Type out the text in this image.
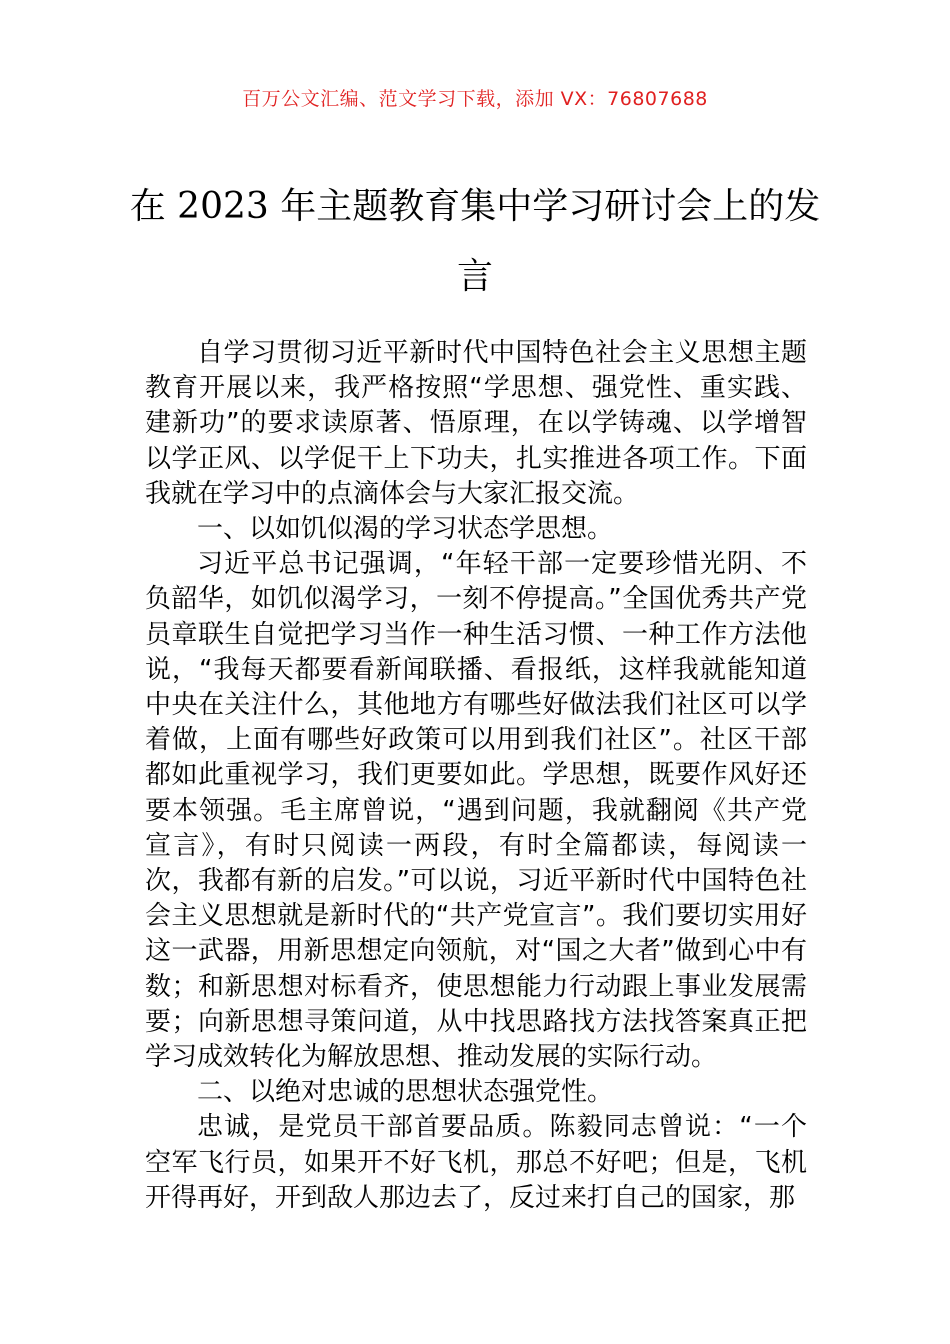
百万公文汇编、范文学习下载，添加 VX：76807688
在 2023 年主题教育集中学习研讨会上的发言

自学习贯彻习近平新时代中国特色社会主义思想主题教育开展以来，我严格按照“学思想、强党性、重实践、建新功”的要求读原著、悟原理，在以学铸魂、以学增智以学正风、以学促干上下功夫，扎实推进各项工作。下面我就在学习中的点滴体会与大家汇报交流。

一、以如饥似渴的学习状态学思想。

习近平总书记强调，“年轻干部一定要珍惜光阴、不负韶华，如饥似渴学习，一刻不停提高。”全国优秀共产党员章联生自觉把学习当作一种生活习惯、一种工作方法他说，“我每天都要看新闻联播、看报纸，这样我就能知道中央在关注什么，其他地方有哪些好做法我们社区可以学着做，上面有哪些好政策可以用到我们社区”。社区干部都如此重视学习，我们更要如此。学思想，既要作风好还要本领强。毛主席曾说，“遇到问题，我就翻阅《共产党宣言》，有时只阅读一两段，有时全篇都读，每阅读一次，我都有新的启发。”可以说，习近平新时代中国特色社会主义思想就是新时代的“共产党宣言”。我们要切实用好这一武器，用新思想定向领航，对“国之大者”做到心中有数；和新思想对标看齐，使思想能力行动跟上事业发展需要；向新思想寻策问道，从中找思路找方法找答案真正把学习成效转化为解放思想、推动发展的实际行动。

二、以绝对忠诚的思想状态强党性。

忠诚，是党员干部首要品质。陈毅同志曾说：“一个空军飞行员，如果开不好飞机，那总不好吧；但是，飞机开得再好，开到敌人那边去了，反过来打自己的国家，那
